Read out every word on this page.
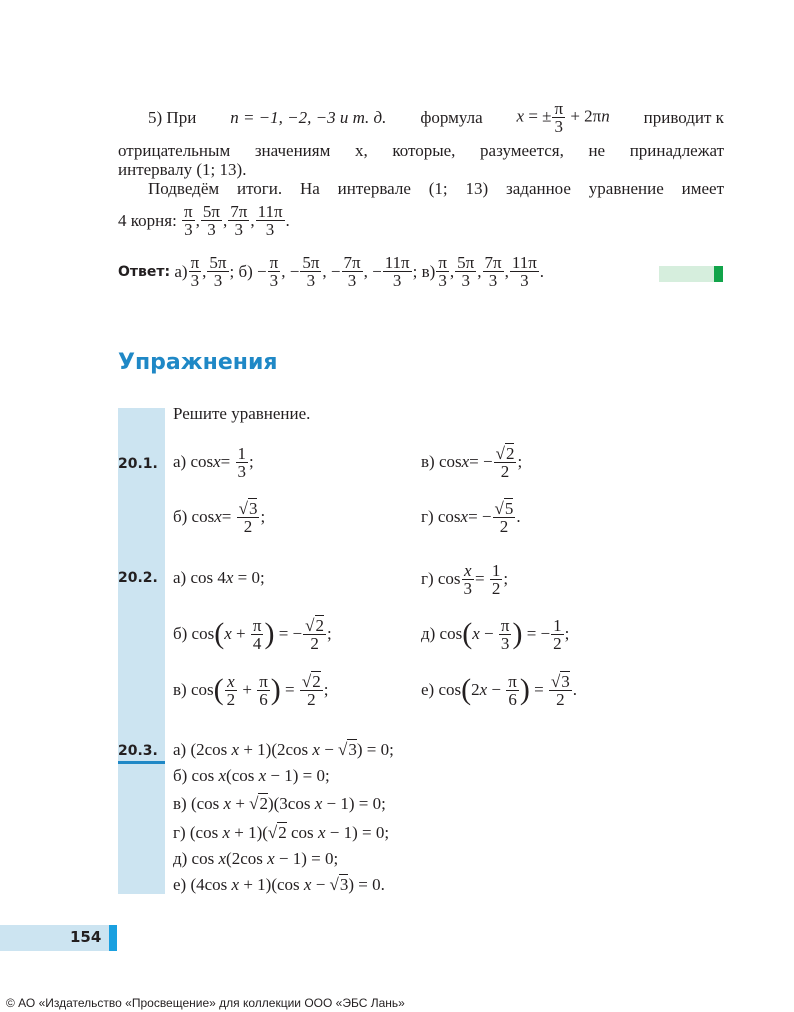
5) При n = −1, −2, −3 и т. д. формула x = ± $\frac{\pi}{3} + 2\pi n$ приводит к
отрицательным значениям x, которые, разумеется, не принадлежат
интервалу (1; 13).
Подведём итоги. На интервале (1; 13) заданное уравнение имеет
4 корня:
$\frac{\pi}{3}$ , $\frac{5\pi}{3}$ , $\frac{7\pi}{3}$ , $\frac{11\pi}{3}$ .
Ответ: $а) \frac{\pi}{3}$ , $\frac{5\pi}{3}$ ; $б) - \frac{\pi}{3}$ , − $\frac{5\pi}{3}$ , − $\frac{7\pi}{3}$ , − $\frac{11\pi}{3}$ ; $в) \frac{\pi}{3}$ , $\frac{5\pi}{3}$ , $\frac{7\pi}{3}$ , $\frac{11\pi}{3}$ .
Упражнения
Решите уравнение.
20.1. а) $\cos x = \frac{1}{3}$ ;	в) cos x = − $\frac{√2}{2}$ ;
б) $\cos x = \frac{√3}{2}$ ;	г) cos x = − $\frac{√5}{2}$ .
20.2. а) cos 4x = 0;	г) $\cos \frac{x}{3} = \frac{1}{2}$ ;
б) cos ( $x + \frac{\pi}{4}$ ) = − $\frac{√2}{2}$ ;	д) cos ( $x - \frac{\pi}{3}$ ) = − $\frac{1}{2}$ ;
в) cos ( $\frac{x}{2} + \frac{\pi}{6}$ ) = $\frac{√2}{2}$ ;	е) cos ( 2 $x - \frac{\pi}{6}$ ) = $\frac{√3}{2}$ .
20.3. а) (2cos x + 1)(2cos x − √3) = 0;
б) cos x(cos x − 1) = 0;
в) (cos x + √2)(3cos x − 1) = 0;
г) (cos x + 1)(√2 cos x − 1) = 0;
д) cos x(2cos x − 1) = 0;
е) (4cos x + 1)(cos x − √3) = 0.
154
© АО «Издательство «Просвещение» для коллекции ООО «ЭБС Лань»
